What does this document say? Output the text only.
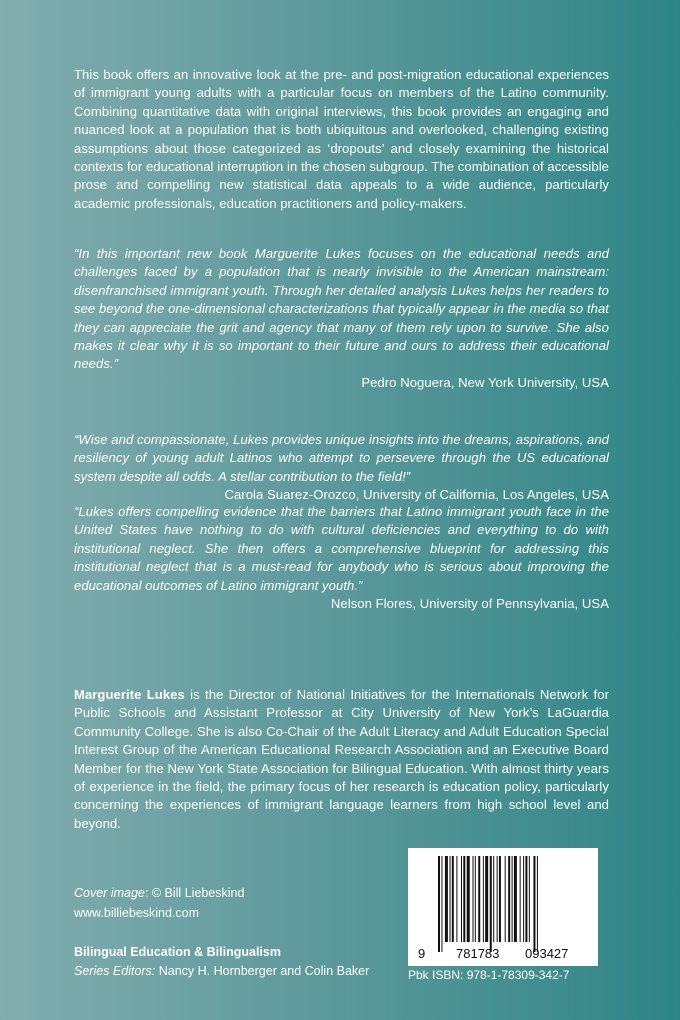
This book offers an innovative look at the pre- and post-migration educational experiences of immigrant young adults with a particular focus on members of the Latino community. Combining quantitative data with original interviews, this book provides an engaging and nuanced look at a population that is both ubiquitous and overlooked, challenging existing assumptions about those categorized as ‘dropouts’ and closely examining the historical contexts for educational interruption in the chosen subgroup. The combination of accessible prose and compelling new statistical data appeals to a wide audience, particularly academic professionals, education practitioners and policy-makers.
“In this important new book Marguerite Lukes focuses on the educational needs and challenges faced by a population that is nearly invisible to the American mainstream: disenfranchised immigrant youth. Through her detailed analysis Lukes helps her readers to see beyond the one-dimensional characterizations that typically appear in the media so that they can appreciate the grit and agency that many of them rely upon to survive. She also makes it clear why it is so important to their future and ours to address their educational needs.”
Pedro Noguera, New York University, USA
“Wise and compassionate, Lukes provides unique insights into the dreams, aspirations, and resiliency of young adult Latinos who attempt to persevere through the US educational system despite all odds. A stellar contribution to the field!”
Carola Suarez-Orozco, University of California, Los Angeles, USA
“Lukes offers compelling evidence that the barriers that Latino immigrant youth face in the United States have nothing to do with cultural deficiencies and everything to do with institutional neglect. She then offers a comprehensive blueprint for addressing this institutional neglect that is a must-read for anybody who is serious about improving the educational outcomes of Latino immigrant youth.”
Nelson Flores, University of Pennsylvania, USA
Marguerite Lukes is the Director of National Initiatives for the Internationals Network for Public Schools and Assistant Professor at City University of New York’s LaGuardia Community College. She is also Co-Chair of the Adult Literacy and Adult Education Special Interest Group of the American Educational Research Association and an Executive Board Member for the New York State Association for Bilingual Education. With almost thirty years of experience in the field, the primary focus of her research is education policy, particularly concerning the experiences of immigrant language learners from high school level and beyond.
Cover image: © Bill Liebeskind
www.billiebeskind.com
Bilingual Education & Bilingualism
Series Editors: Nancy H. Hornberger and Colin Baker
9 781783 093427
Pbk ISBN: 978-1-78309-342-7
